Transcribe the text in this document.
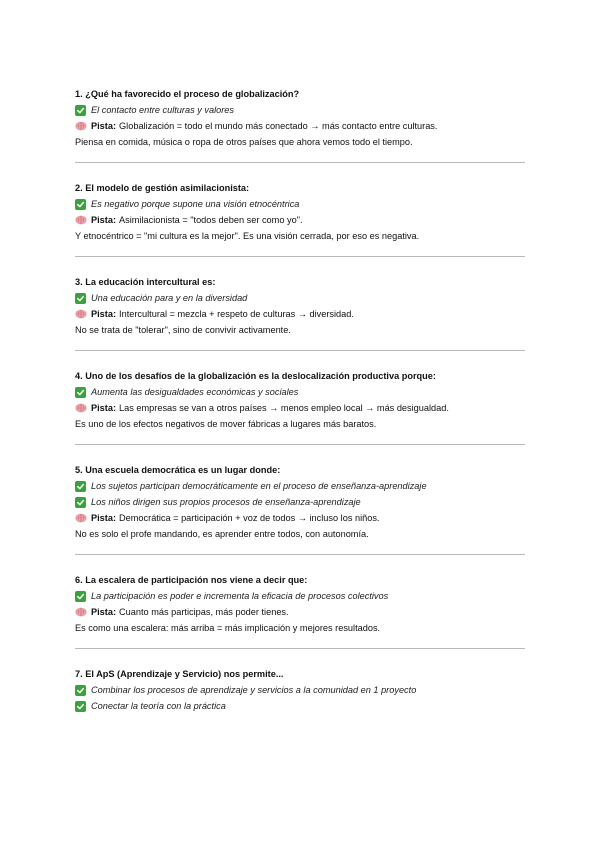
1. ¿Qué ha favorecido el proceso de globalización?
El contacto entre culturas y valores
Pista: Globalización = todo el mundo más conectado → más contacto entre culturas.
Piensa en comida, música o ropa de otros países que ahora vemos todo el tiempo.
2. El modelo de gestión asimilacionista:
Es negativo porque supone una visión etnocéntrica
Pista: Asimilacionista = "todos deben ser como yo".
Y etnocéntrico = "mi cultura es la mejor". Es una visión cerrada, por eso es negativa.
3. La educación intercultural es:
Una educación para y en la diversidad
Pista: Intercultural = mezcla + respeto de culturas → diversidad.
No se trata de "tolerar", sino de convivir activamente.
4. Uno de los desafíos de la globalización es la deslocalización productiva porque:
Aumenta las desigualdades económicas y sociales
Pista: Las empresas se van a otros países → menos empleo local → más desigualdad.
Es uno de los efectos negativos de mover fábricas a lugares más baratos.
5. Una escuela democrática es un lugar donde:
Los sujetos participan democráticamente en el proceso de enseñanza-aprendizaje
Los niños dirigen sus propios procesos de enseñanza-aprendizaje
Pista: Democrática = participación + voz de todos → incluso los niños.
No es solo el profe mandando, es aprender entre todos, con autonomía.
6. La escalera de participación nos viene a decir que:
La participación es poder e incrementa la eficacia de procesos colectivos
Pista: Cuanto más participas, más poder tienes.
Es como una escalera: más arriba = más implicación y mejores resultados.
7. El ApS (Aprendizaje y Servicio) nos permite...
Combinar los procesos de aprendizaje y servicios a la comunidad en 1 proyecto
Conectar la teoría con la práctica
